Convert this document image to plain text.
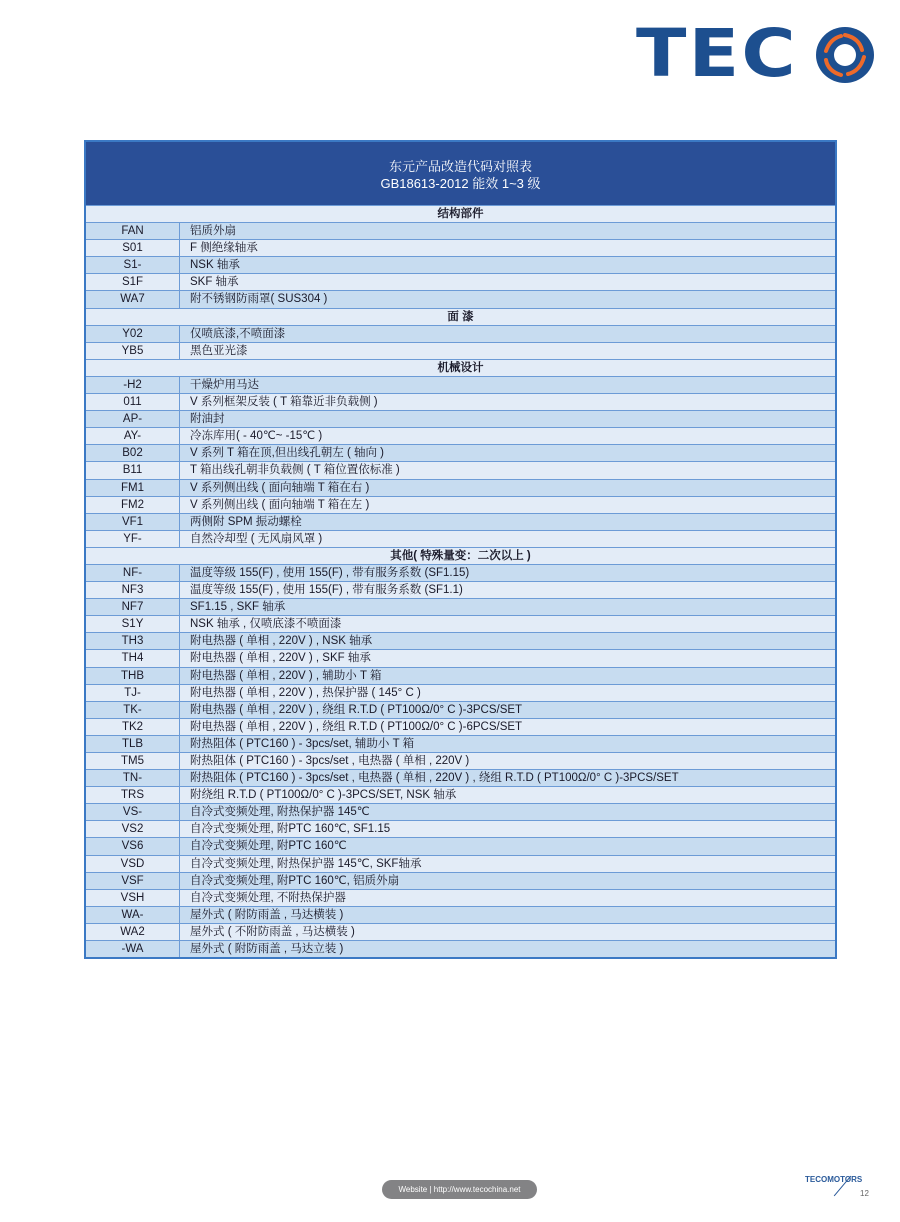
TEC
东元产品改造代码对照表
GB18613-2012 能效 1~3 级
结构部件
FAN	铝质外扇
S01	F 侧绝缘轴承
S1-	NSK 轴承
S1F	SKF 轴承
WA7	附不锈钢防雨罩( SUS304 )
面 漆
Y02	仅喷底漆,不喷面漆
YB5	黑色亚光漆
机械设计
-H2	干燥炉用马达
011	V 系列框架反装 ( T 箱靠近非负载侧 )
AP-	附油封
AY-	冷冻库用( - 40℃~ -15℃ )
B02	V 系列 T 箱在顶,但出线孔朝左 ( 轴向 )
B11	T 箱出线孔朝非负载侧 ( T 箱位置依标准 )
FM1	V 系列侧出线 ( 面向轴端 T 箱在右 )
FM2	V 系列侧出线 ( 面向轴端 T 箱在左 )
VF1	两侧附 SPM 振动螺栓
YF-	自然冷却型 ( 无风扇风罩 )
其他( 特殊量变：二次以上 )
NF-	温度等级 155(F) , 使用 155(F) , 带有服务系数 (SF1.15)
NF3	温度等级 155(F) , 使用 155(F) , 带有服务系数 (SF1.1)
NF7	SF1.15 , SKF 轴承
S1Y	NSK 轴承 , 仅喷底漆不喷面漆
TH3	附电热器 ( 单相 , 220V ) , NSK 轴承
TH4	附电热器 ( 单相 , 220V ) , SKF 轴承
THB	附电热器 ( 单相 , 220V ) , 辅助小 T 箱
TJ-	附电热器 ( 单相 , 220V ) , 热保护器 ( 145° C )
TK-	附电热器 ( 单相 , 220V ) , 绕组 R.T.D ( PT100Ω/0° C )-3PCS/SET
TK2	附电热器 ( 单相 , 220V ) , 绕组 R.T.D ( PT100Ω/0° C )-6PCS/SET
TLB	附热阻体 ( PTC160 ) - 3pcs/set, 辅助小 T 箱
TM5	附热阻体 ( PTC160 ) - 3pcs/set , 电热器 ( 单相 , 220V )
TN-	附热阻体 ( PTC160 ) - 3pcs/set , 电热器 ( 单相 , 220V ) , 绕组 R.T.D ( PT100Ω/0° C )-3PCS/SET
TRS	附绕组 R.T.D ( PT100Ω/0° C )-3PCS/SET, NSK 轴承
VS-	自冷式变频处理, 附热保护器 145℃
VS2	自冷式变频处理, 附PTC 160℃, SF1.15
VS6	自冷式变频处理, 附PTC 160℃
VSD	自冷式变频处理, 附热保护器 145℃, SKF轴承
VSF	自冷式变频处理, 附PTC 160℃, 铝质外扇
VSH	自冷式变频处理, 不附热保护器
WA-	屋外式 ( 附防雨盖 , 马达横装 )
WA2	屋外式 ( 不附防雨盖 , 马达横装 )
-WA	屋外式 ( 附防雨盖 , 马达立装 )
Website | http://www.tecochina.net
TECOMOTORS
12
